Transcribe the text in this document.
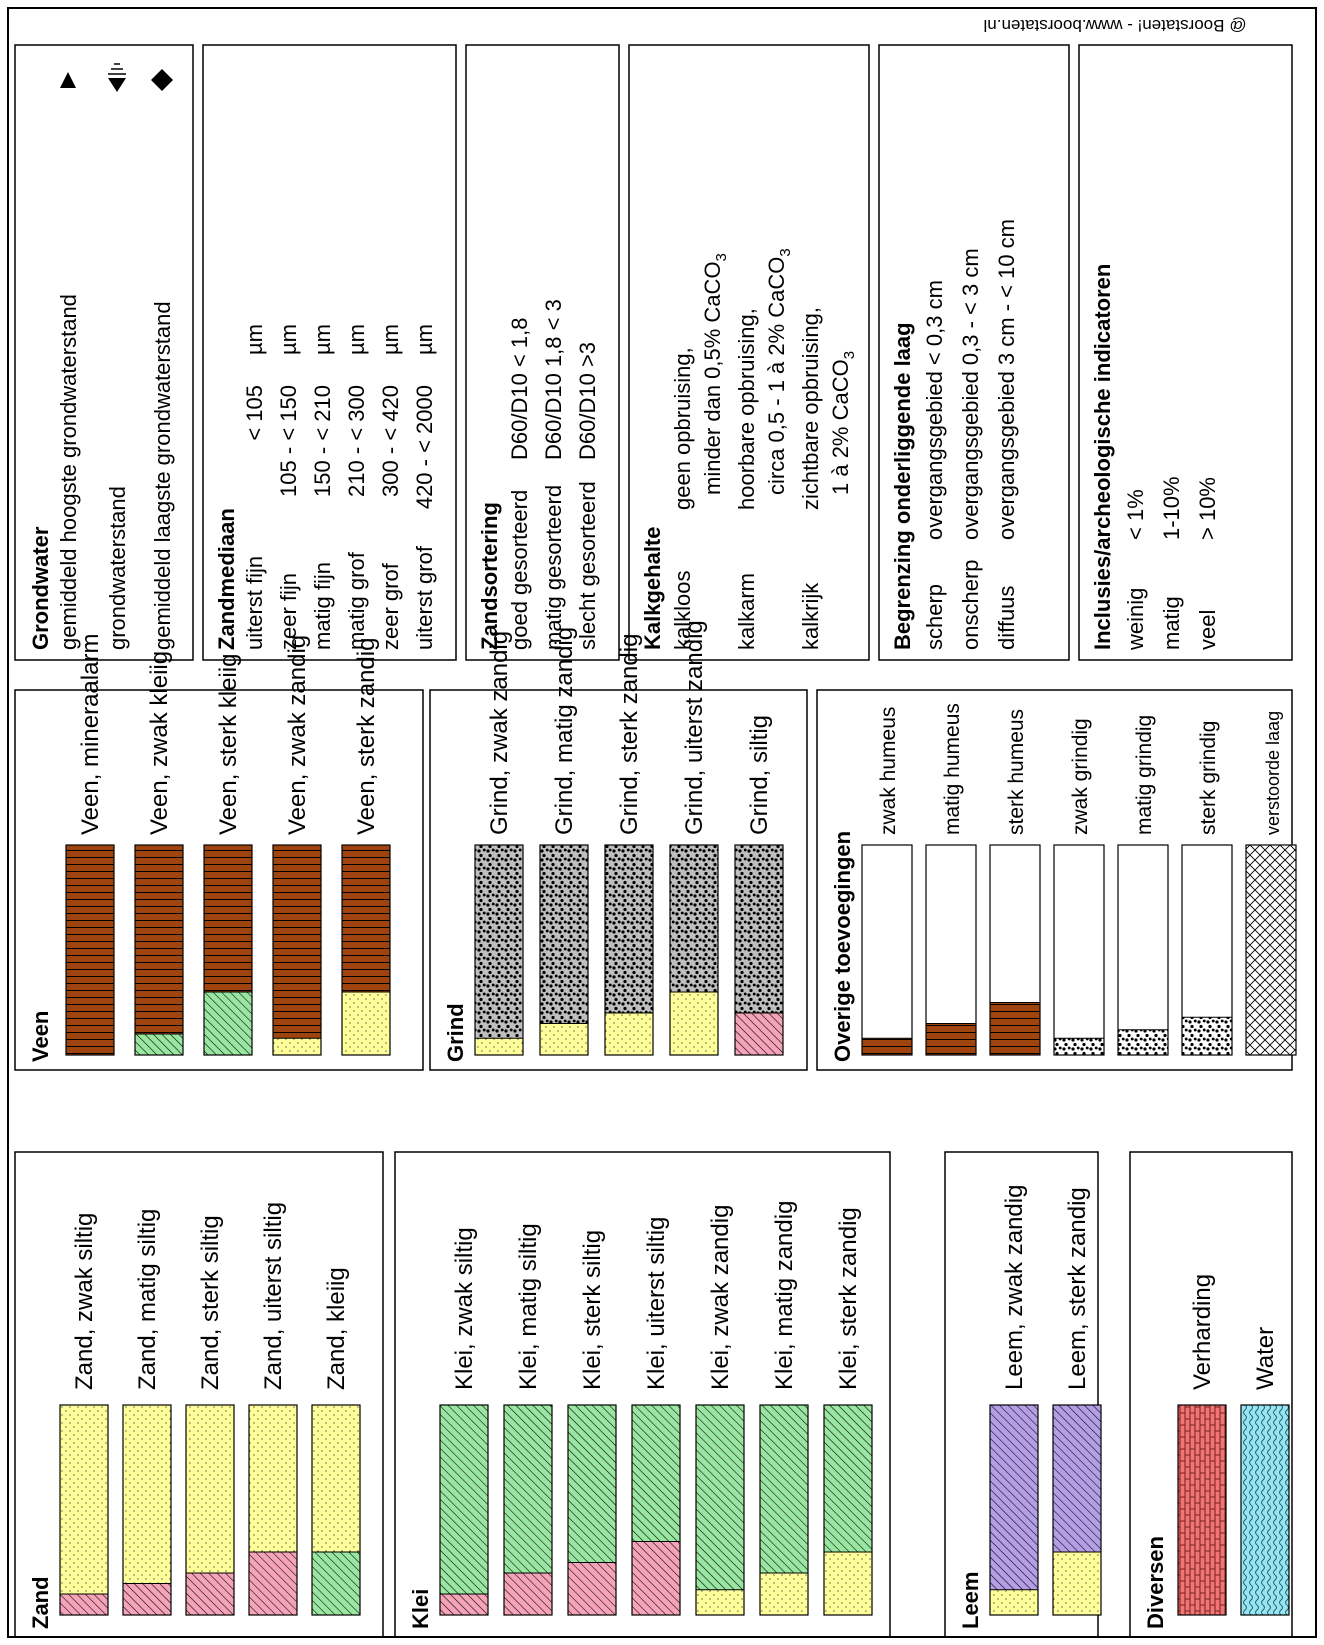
@ Boorstaten! - www.boorstaten.nl
Zand
Zand, zwak siltig Zand, matig siltig Zand, sterk siltig Zand, uiterst siltig Zand, kleiig
Klei
Klei, zwak siltig Klei, matig siltig Klei, sterk siltig Klei, uiterst siltig Klei, zwak zandig Klei, matig zandig Klei, sterk zandig
Leem
Leem, zwak zandig Leem, sterk zandig
Diversen
Verharding Water
Veen
Veen, mineraalarm Veen, zwak kleiig Veen, sterk kleiig Veen, zwak zandig Veen, sterk zandig
Grind
Grind, zwak zandig Grind, matig zandig Grind, sterk zandig Grind, uiterst zandig Grind, siltig
Overige toevoegingen
zwak humeus matig humeus sterk humeus zwak grindig matig grindig sterk grindig verstoorde laag
Grondwater gemiddeld hoogste grondwaterstand grondwaterstand gemiddeld laagste grondwaterstand Zandmediaan uiterst fijn
< 105
µm
zeer fijn
105 - < 150
µm
matig fijn
150 - < 210
µm
matig grof
210 - < 300
µm
zeer grof
300 - < 420
µm
uiterst grof
420 - < 2000
µm
Zandsortering goed gesorteerd
D60/D10 < 1,8
matig gesorteerd
D60/D10 1,8 < 3
slecht gesorteerd
D60/D10 >3
Kalkgehalte kalkloos
geen opbruising, minder dan 0,5% CaCO$_3$
kalkarm
hoorbare opbruising, circa 0,5 - 1 à 2% CaCO$_3$
kalkrijk
zichtbare opbruising, 1 à 2% CaCO$_3$ Begrenzing onderliggende laag scherp
overgangsgebied < 0,3 cm
onscherp
overgangsgebied 0,3 - < 3 cm
diffuus
overgangsgebied 3 cm - < 10 cm	Inclusies/archeologische indicatoren weinig
< 1%
matig
1-10%
veel
> 10%
